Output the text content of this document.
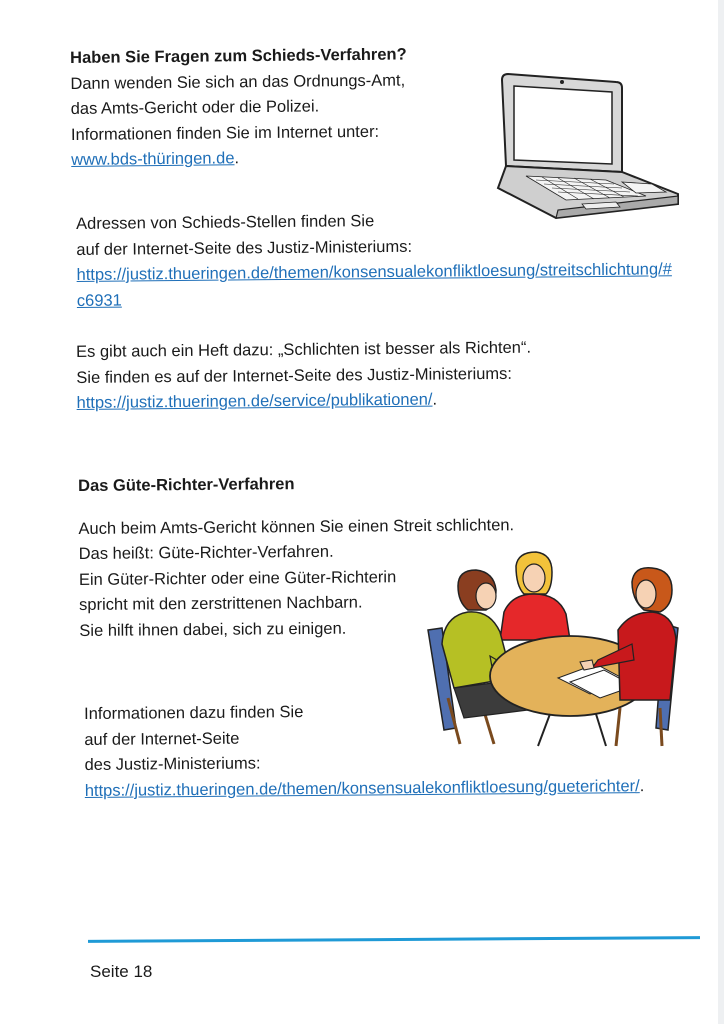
Haben Sie Fragen zum Schieds-Verfahren?

Dann wenden Sie sich an das Ordnungs-Amt,

das Amts-Gericht oder die Polizei.

Informationen finden Sie im Internet unter:

www.bds-thüringen.de.

Adressen von Schieds-Stellen finden Sie

auf der Internet-Seite des Justiz-Ministeriums:

https://justiz.thueringen.de/themen/konsensualekonfliktloesung/streitschlichtung/#

c6931

Es gibt auch ein Heft dazu: „Schlichten ist besser als Richten“.

Sie finden es auf der Internet-Seite des Justiz-Ministeriums:

https://justiz.thueringen.de/service/publikationen/.

Das Güte-Richter-Verfahren

Auch beim Amts-Gericht können Sie einen Streit schlichten.

Das heißt: Güte-Richter-Verfahren.

Ein Güter-Richter oder eine Güter-Richterin

spricht mit den zerstrittenen Nachbarn.

Sie hilft ihnen dabei, sich zu einigen.

Informationen dazu finden Sie

auf der Internet-Seite

des Justiz-Ministeriums:

https://justiz.thueringen.de/themen/konsensualekonfliktloesung/gueterichter/.

Seite 18
